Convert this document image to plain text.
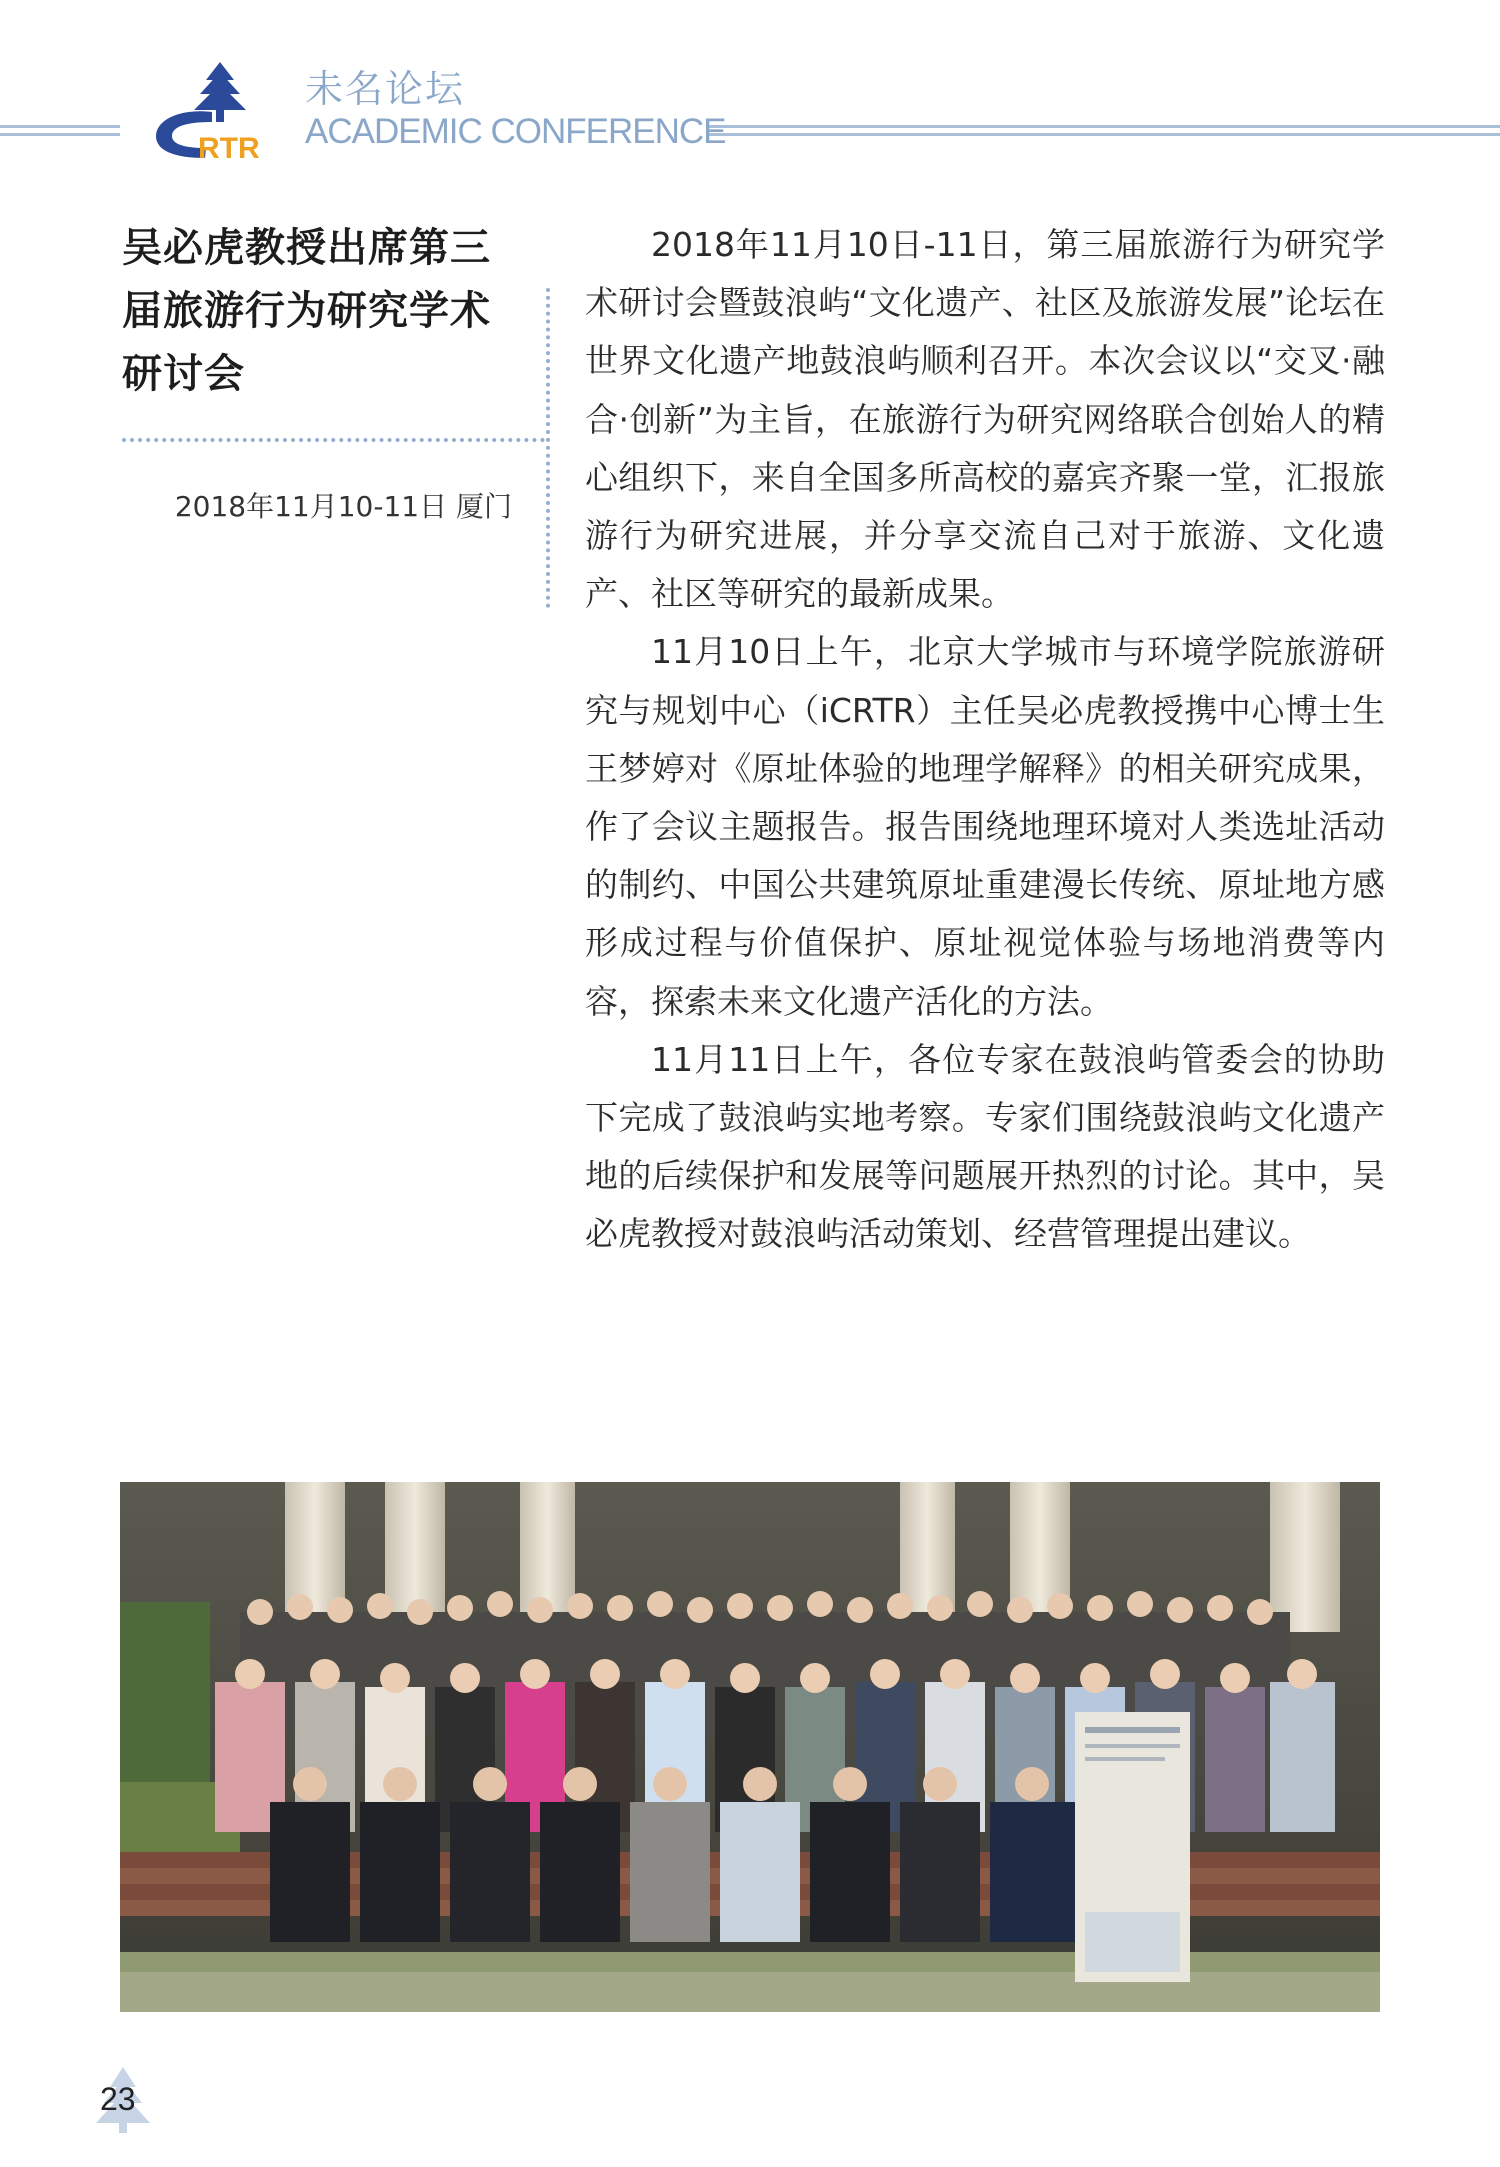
RTR
未名论坛
ACADEMIC CONFERENCE
吴必虎教授出席第三届旅游行为研究学术研讨会
2018年11月10-11日 厦门

2018年11月10日-11日，第三届旅游行为研究学术研讨会暨鼓浪屿“文化遗产、社区及旅游发展”论坛在世界文化遗产地鼓浪屿顺利召开。本次会议以“交叉·融合·创新”为主旨，在旅游行为研究网络联合创始人的精心组织下，来自全国多所高校的嘉宾齐聚一堂，汇报旅游行为研究进展，并分享交流自己对于旅游、文化遗产、社区等研究的最新成果。

11月10日上午，北京大学城市与环境学院旅游研究与规划中心（iCRTR）主任吴必虎教授携中心博士生王梦婷对《原址体验的地理学解释》的相关研究成果，作了会议主题报告。报告围绕地理环境对人类选址活动的制约、中国公共建筑原址重建漫长传统、原址地方感形成过程与价值保护、原址视觉体验与场地消费等内容，探索未来文化遗产活化的方法。

11月11日上午，各位专家在鼓浪屿管委会的协助下完成了鼓浪屿实地考察。专家们围绕鼓浪屿文化遗产地的后续保护和发展等问题展开热烈的讨论。其中，吴必虎教授对鼓浪屿活动策划、经营管理提出建议。

23
